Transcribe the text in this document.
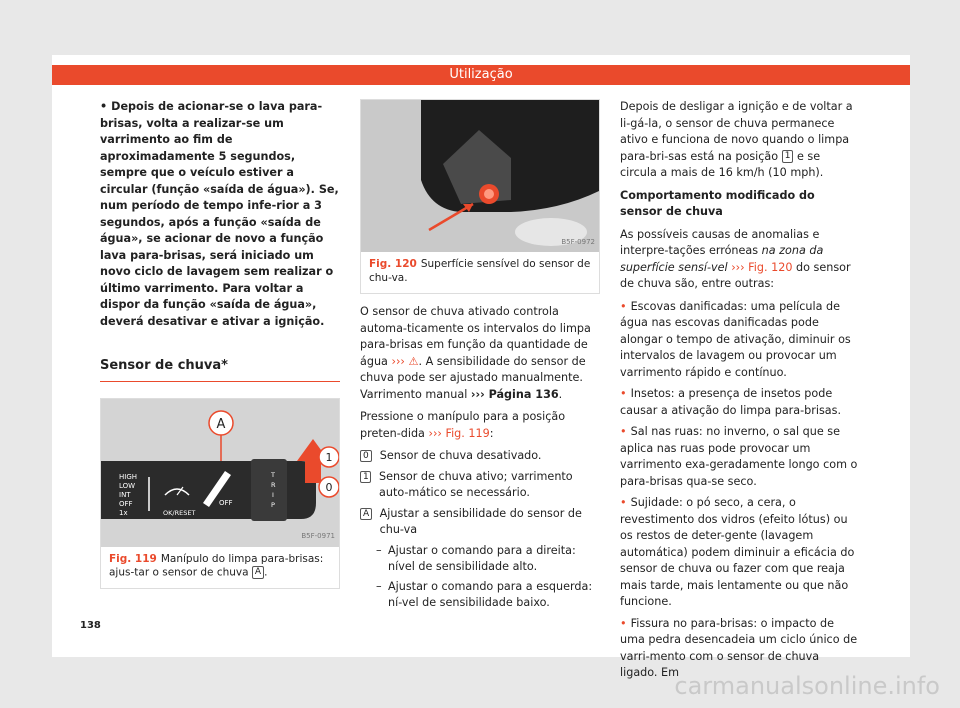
Utilização
• Depois de acionar-se o lava para-brisas, volta a realizar-se um varrimento ao fim de aproximadamente 5 segundos, sempre que o veículo estiver a circular (função «saída de água»). Se, num período de tempo infe-rior a 3 segundos, após a função «saída de água», se acionar de novo a função lava para-brisas, será iniciado um novo ciclo de lavagem sem realizar o último varrimento. Para voltar a dispor da função «saída de água», deverá desativar e ativar a ignição.
Sensor de chuva*
HIGH
LOW
INT
OFF
1x	OK/RESET
OFF
T
R
I
P
A
1
0
B5F-0971
Fig. 119 Manípulo do limpa para-brisas: ajus-tar o sensor de chuva A .
B5F-0972
Fig. 120 Superfície sensível do sensor de chu-va.

O sensor de chuva ativado controla automa-ticamente os intervalos do limpa para-brisas em função da quantidade de água ››› ⚠. A sensibilidade do sensor de chuva pode ser ajustado manualmente. Varrimento manual ››› Página 136.

Pressione o manípulo para a posição preten-dida ››› Fig. 119:

0 Sensor de chuva desativado.
1 Sensor de chuva ativo; varrimento auto-mático se necessário.
A Ajustar a sensibilidade do sensor de chu-va
– Ajustar o comando para a direita: nível de sensibilidade alto.
– Ajustar o comando para a esquerda: ní-vel de sensibilidade baixo.

Depois de desligar a ignição e de voltar a li-gá-la, o sensor de chuva permanece ativo e funciona de novo quando o limpa para-bri-sas está na posição 1 e se circula a mais de 16 km/h (10 mph).

Comportamento modificado do sensor de chuva

As possíveis causas de anomalias e interpre-tações erróneas na zona da superfície sensí-vel ››› Fig. 120 do sensor de chuva são, entre outras:

• Escovas danificadas: uma película de água nas escovas danificadas pode alongar o tempo de ativação, diminuir os intervalos de lavagem ou provocar um varrimento rápido e contínuo.
• Insetos: a presença de insetos pode causar a ativação do limpa para-brisas.
• Sal nas ruas: no inverno, o sal que se aplica nas ruas pode provocar um varrimento exa-geradamente longo com o para-brisas qua-se seco.
• Sujidade: o pó seco, a cera, o revestimento dos vidros (efeito lótus) ou os restos de deter-gente (lavagem automática) podem diminuir a eficácia do sensor de chuva ou fazer com que reaja mais tarde, mais lentamente ou que não funcione.
• Fissura no para-brisas: o impacto de uma pedra desencadeia um ciclo único de varri-mento com o sensor de chuva ligado. Em
138
carmanualsonline.info
